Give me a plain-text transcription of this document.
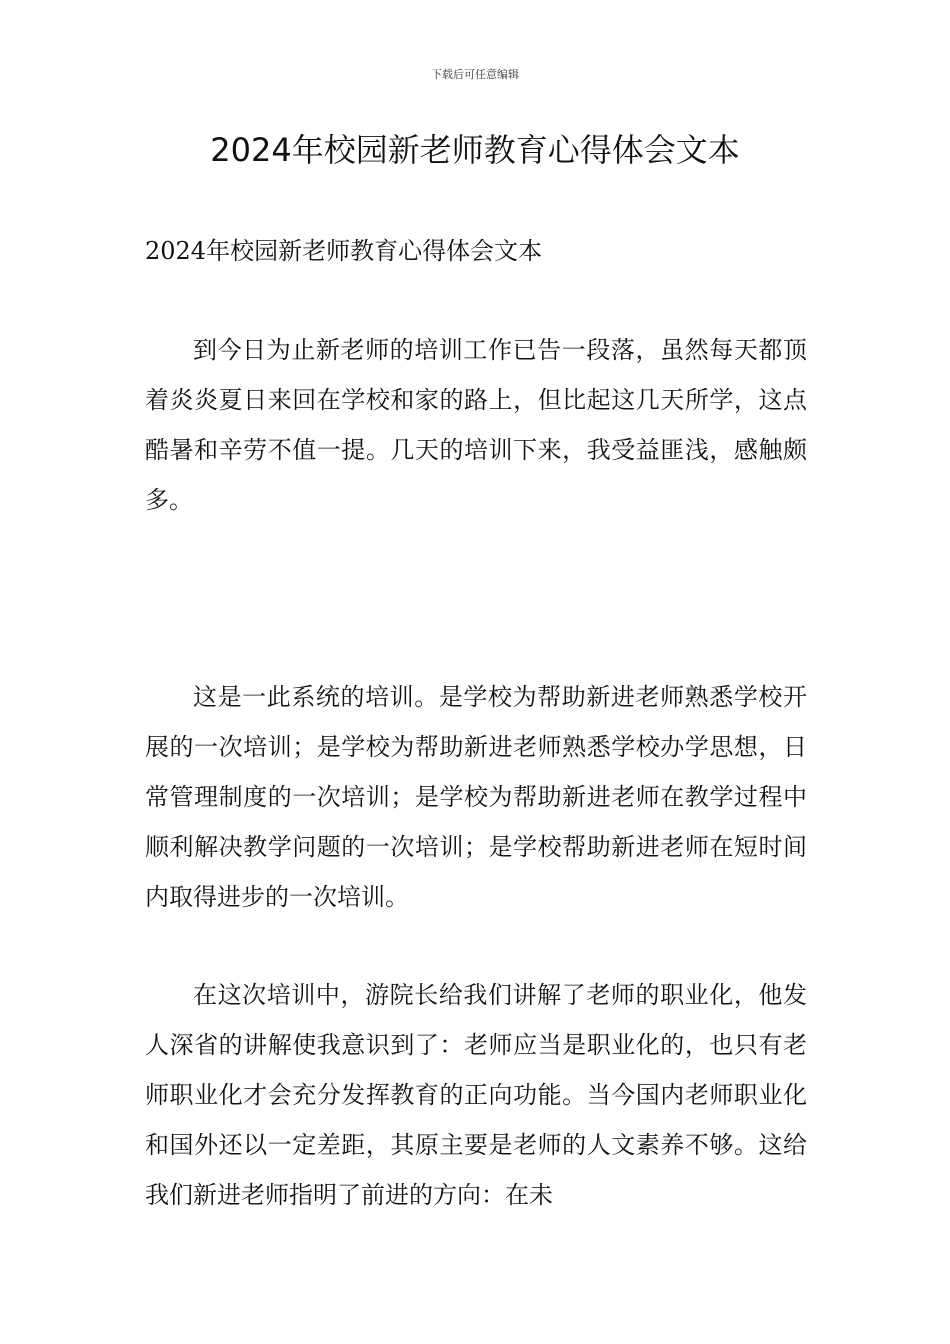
下载后可任意编辑
2024年校园新老师教育心得体会文本
2024年校园新老师教育心得体会文本

到今日为止新老师的培训工作已告一段落，虽然每天都顶着炎炎夏日来回在学校和家的路上，但比起这几天所学，这点酷暑和辛劳不值一提。几天的培训下来，我受益匪浅，感触颇多。

这是一此系统的培训。是学校为帮助新进老师熟悉学校开展的一次培训；是学校为帮助新进老师熟悉学校办学思想，日常管理制度的一次培训；是学校为帮助新进老师在教学过程中顺利解决教学问题的一次培训；是学校帮助新进老师在短时间内取得进步的一次培训。

在这次培训中，游院长给我们讲解了老师的职业化，他发人深省的讲解使我意识到了：老师应当是职业化的，也只有老师职业化才会充分发挥教育的正向功能。当今国内老师职业化和国外还以一定差距，其原主要是老师的人文素养不够。这给我们新进老师指明了前进的方向：在未
